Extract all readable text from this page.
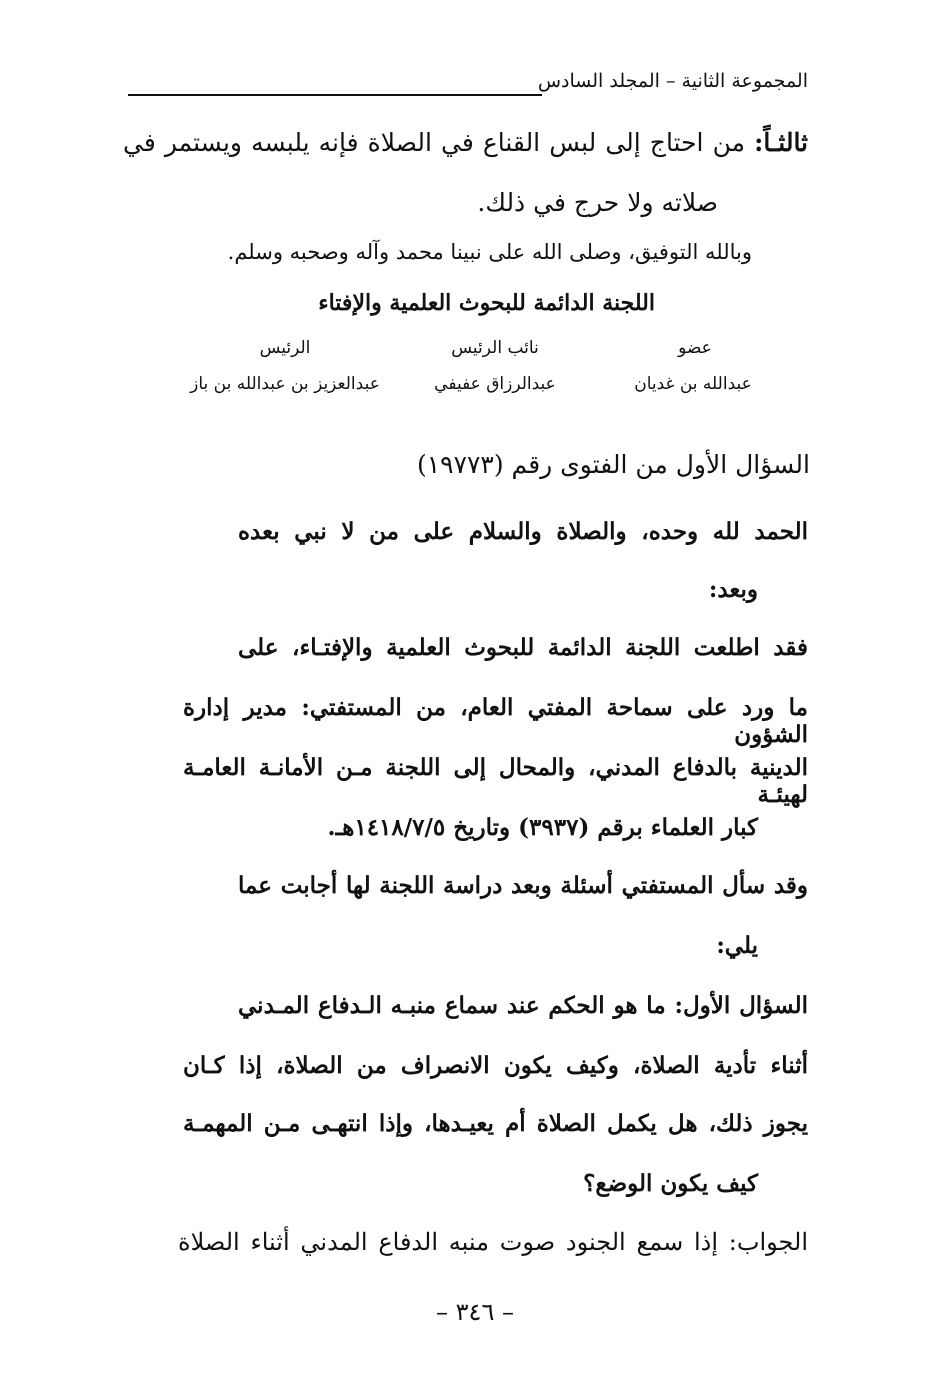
المجموعة الثانية – المجلد السادس
ثالثـاً: من احتاج إلى لبس القناع في الصلاة فإنه يلبسه ويستمر في
صلاته ولا حرج في ذلك.
وبالله التوفيق، وصلى الله على نبينا محمد وآله وصحبه وسلم.
اللجنة الدائمة للبحوث العلمية والإفتاء
عضو
عبدالله بن غديان
نائب الرئيس
عبدالرزاق عفيفي
الرئيس
عبدالعزيز بن عبدالله بن باز
السؤال الأول من الفتوى رقم (١٩٧٧٣)
الحمد لله وحده، والصلاة والسلام على من لا نبي بعده
وبعد:
فقد اطلعت اللجنة الدائمة للبحوث العلمية والإفتـاء، على
ما ورد على سماحة المفتي العام، من المستفتي: مدير إدارة الشؤون
الدينية بالدفاع المدني، والمحال إلى اللجنة مـن الأمانـة العامـة لهيئـة
كبار العلماء برقم (٣٩٣٧) وتاريخ ١٤١٨/٧/٥هـ.
وقد سأل المستفتي أسئلة وبعد دراسة اللجنة لها أجابت عما
يلي:
السؤال الأول: ما هو الحكم عند سماع منبـه الـدفاع المـدني
أثناء تأدية الصلاة، وكيف يكون الانصراف من الصلاة، إذا كـان
يجوز ذلك، هل يكمل الصلاة أم يعيـدها، وإذا انتهـى مـن المهمـة
كيف يكون الوضع؟
الجواب: إذا سمع الجنود صوت منبه الدفاع المدني أثناء الصلاة
– ٣٤٦ –
